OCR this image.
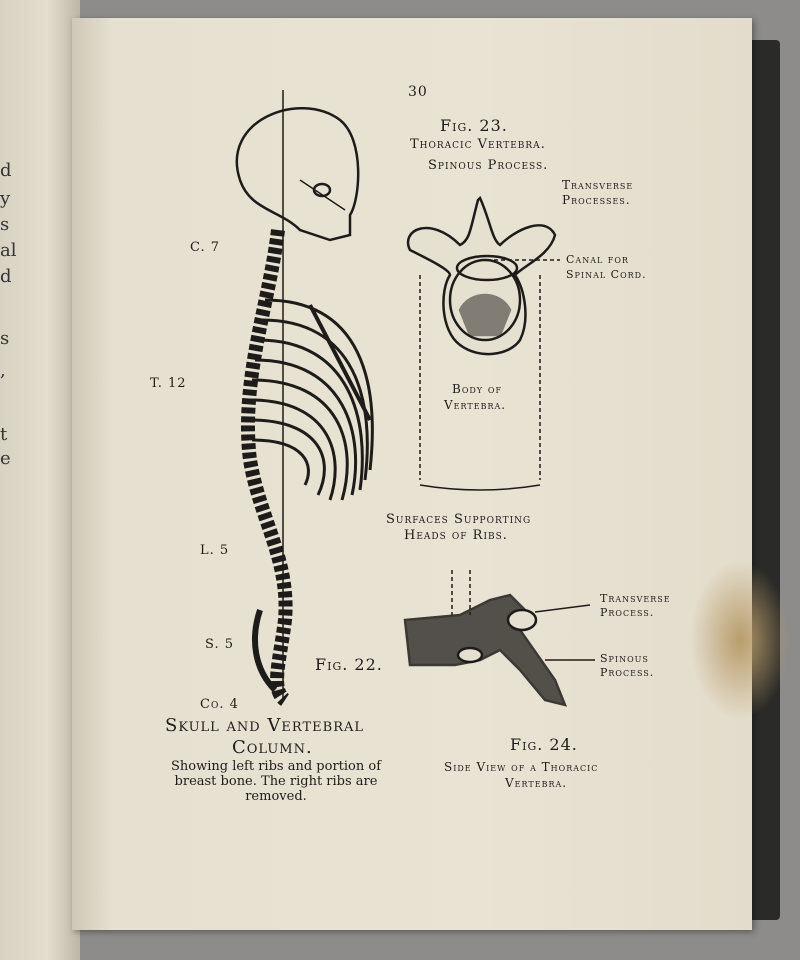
d
y
s
al
d
s
,
t
e
30
Fig. 23.
Thoracic Vertebra.
Spinous Process.
Transverse
Processes.
Canal for
Spinal Cord.
Body of
Vertebra.
Surfaces Supporting
Heads of Ribs.
C. 7
T. 12
L. 5
S. 5
Co. 4
Fig. 22.
Skull and Vertebral
Column.
Showing left ribs and portion of
breast bone. The right ribs are
removed.
Transverse
Process.
Spinous
Process.
Fig. 24.
Side View of a Thoracic
Vertebra.
